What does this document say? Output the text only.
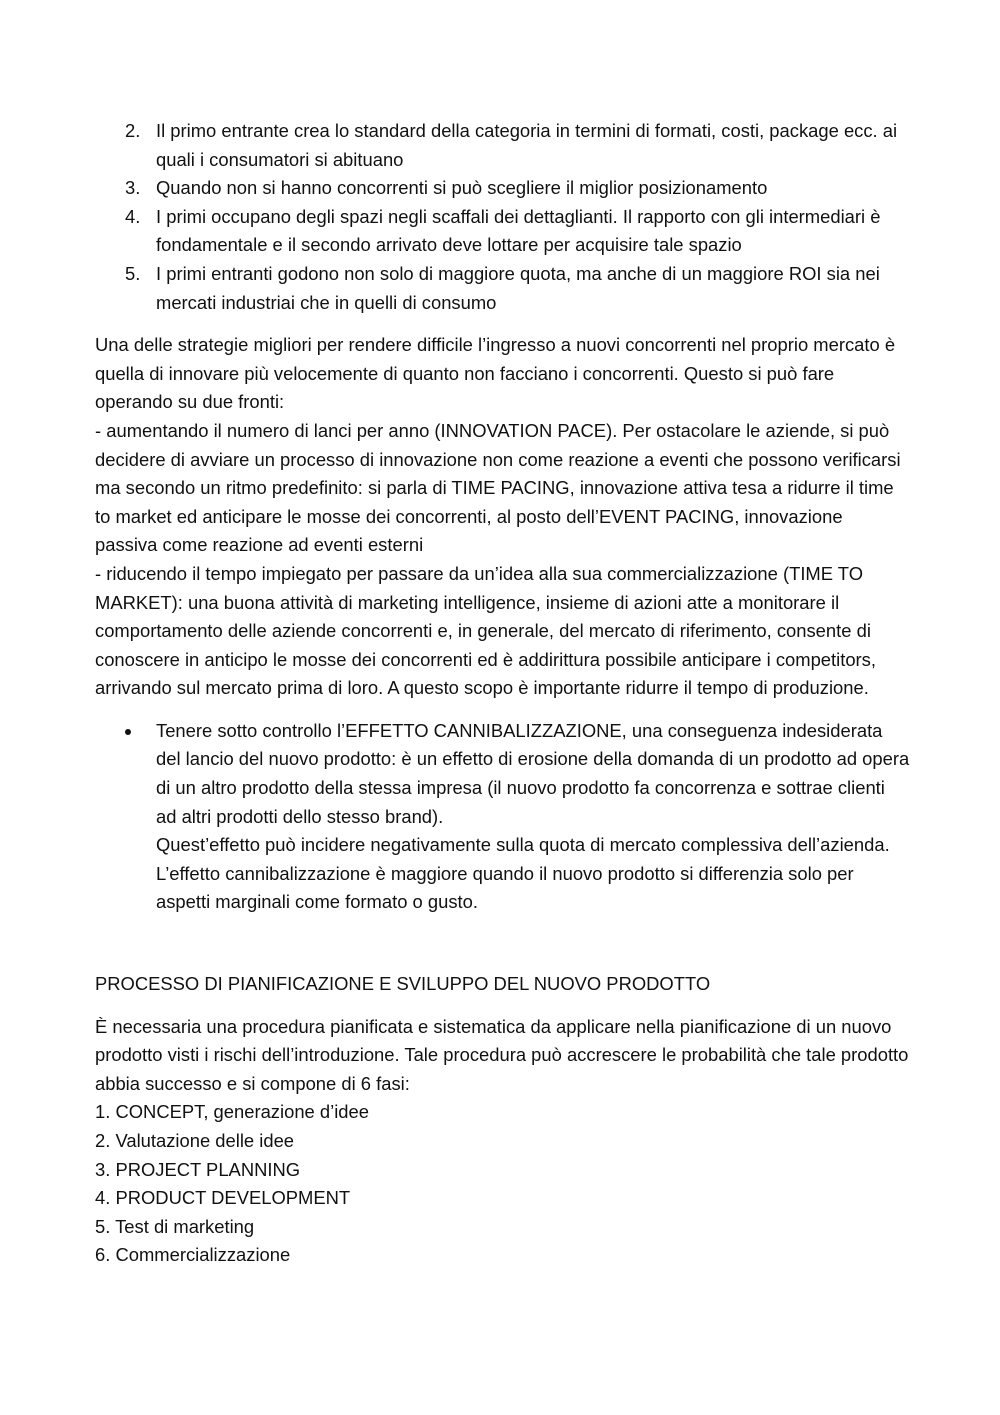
2. Il primo entrante crea lo standard della categoria in termini di formati, costi, package ecc. ai quali i consumatori si abituano
3. Quando non si hanno concorrenti si può scegliere il miglior posizionamento
4. I primi occupano degli spazi negli scaffali dei dettaglianti. Il rapporto con gli intermediari è fondamentale e il secondo arrivato deve lottare per acquisire tale spazio
5. I primi entranti godono non solo di maggiore quota, ma anche di un maggiore ROI sia nei mercati industriai che in quelli di consumo
Una delle strategie migliori per rendere difficile l’ingresso a nuovi concorrenti nel proprio mercato è quella di innovare più velocemente di quanto non facciano i concorrenti. Questo si può fare operando su due fronti:
- aumentando il numero di lanci per anno (INNOVATION PACE). Per ostacolare le aziende, si può decidere di avviare un processo di innovazione non come reazione a eventi che possono verificarsi ma secondo un ritmo predefinito: si parla di TIME PACING, innovazione attiva tesa a ridurre il time to market ed anticipare le mosse dei concorrenti, al posto dell’EVENT PACING, innovazione passiva come reazione ad eventi esterni
- riducendo il tempo impiegato per passare da un’idea alla sua commercializzazione (TIME TO MARKET): una buona attività di marketing intelligence, insieme di azioni atte a monitorare il comportamento delle aziende concorrenti e, in generale, del mercato di riferimento, consente di conoscere in anticipo le mosse dei concorrenti ed è addirittura possibile anticipare i competitors, arrivando sul mercato prima di loro. A questo scopo è importante ridurre il tempo di produzione.
Tenere sotto controllo l’EFFETTO CANNIBALIZZAZIONE, una conseguenza indesiderata del lancio del nuovo prodotto: è un effetto di erosione della domanda di un prodotto ad opera di un altro prodotto della stessa impresa (il nuovo prodotto fa concorrenza e sottrae clienti ad altri prodotti dello stesso brand).
Quest’effetto può incidere negativamente sulla quota di mercato complessiva dell’azienda. L’effetto cannibalizzazione è maggiore quando il nuovo prodotto si differenzia solo per aspetti marginali come formato o gusto.
PROCESSO DI PIANIFICAZIONE E SVILUPPO DEL NUOVO PRODOTTO
È necessaria una procedura pianificata e sistematica da applicare nella pianificazione di un nuovo prodotto visti i rischi dell’introduzione. Tale procedura può accrescere le probabilità che tale prodotto abbia successo e si compone di 6 fasi:
1. CONCEPT, generazione d’idee
2. Valutazione delle idee
3. PROJECT PLANNING
4. PRODUCT DEVELOPMENT
5. Test di marketing
6. Commercializzazione
